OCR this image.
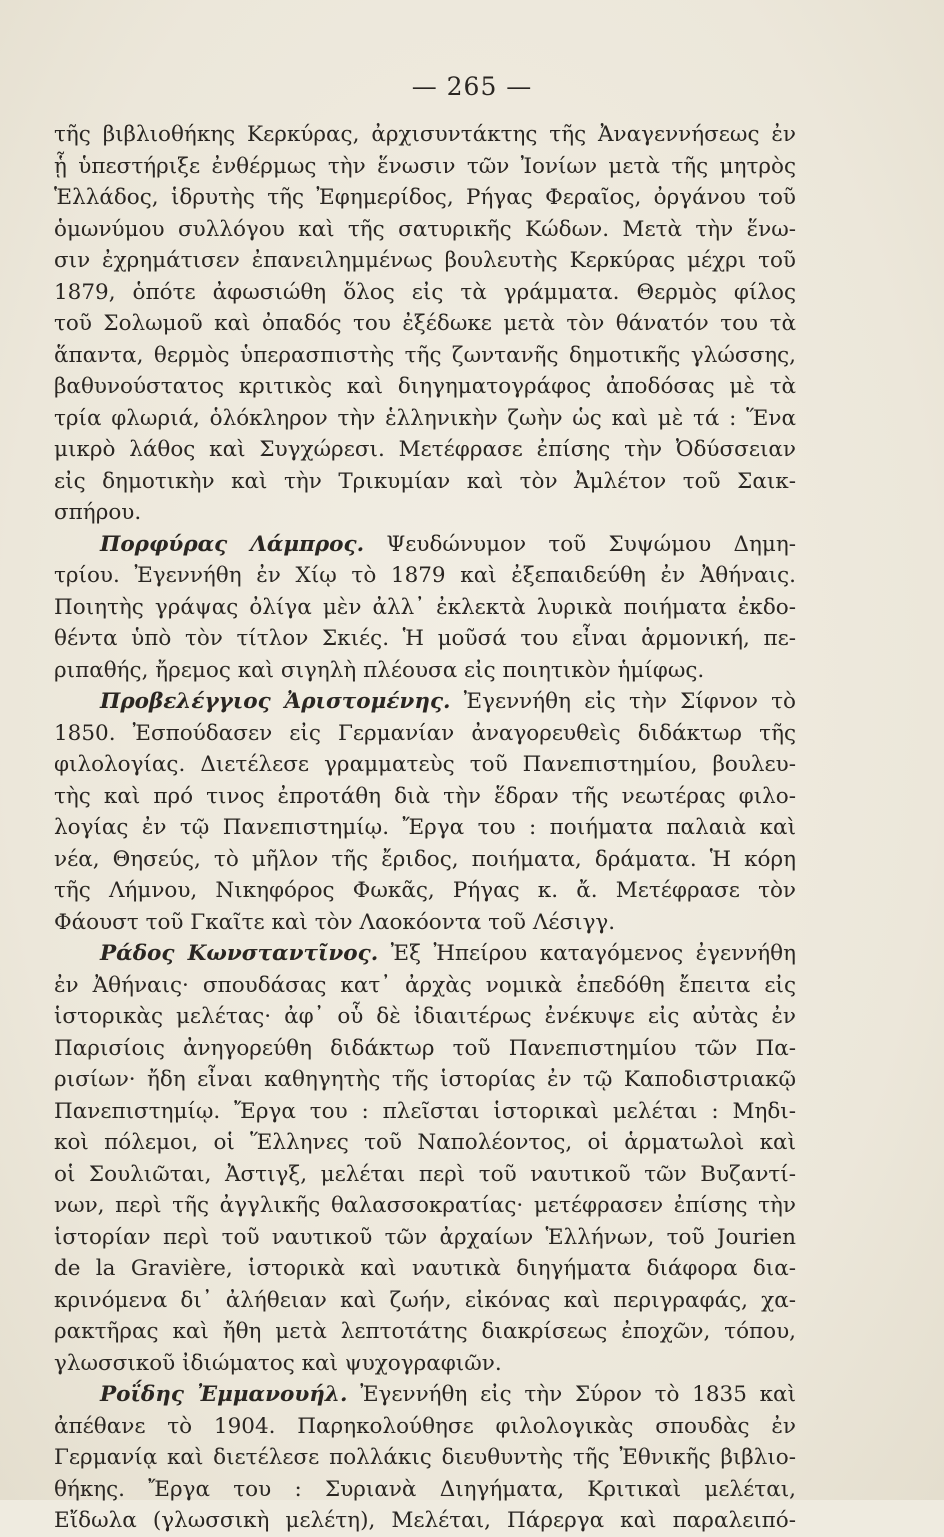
— 265 —
τῆς βιβλιοθήκης Κερκύρας, ἀρχισυντάκτης τῆς Ἀναγεννήσεως ἐν
ᾗ ὑπεστήριξε ἐνθέρμως τὴν ἕνωσιν τῶν Ἰονίων μετὰ τῆς μητρὸς
Ἑλλάδος, ἱδρυτὴς τῆς Ἐφημερίδος, Ρήγας Φεραῖος, ὀργάνου τοῦ
ὁμωνύμου συλλόγου καὶ τῆς σατυρικῆς Κώδων. Μετὰ τὴν ἕνω-
σιν ἐχρημάτισεν ἐπανειλημμένως βουλευτὴς Κερκύρας μέχρι τοῦ
1879, ὁπότε ἀφωσιώθη ὅλος εἰς τὰ γράμματα. Θερμὸς φίλος
τοῦ Σολωμοῦ καὶ ὀπαδός του ἐξέδωκε μετὰ τὸν θάνατόν του τὰ
ἅπαντα, θερμὸς ὑπερασπιστὴς τῆς ζωντανῆς δημοτικῆς γλώσσης,
βαθυνούστατος κριτικὸς καὶ διηγηματογράφος ἀποδόσας μὲ τὰ
τρία φλωριά, ὁλόκληρον τὴν ἑλληνικὴν ζωὴν ὡς καὶ μὲ τά : Ἕνα
μικρὸ λάθος καὶ Συγχώρεσι. Μετέφρασε ἐπίσης τὴν Ὀδύσσειαν
εἰς δημοτικὴν καὶ τὴν Τρικυμίαν καὶ τὸν Ἀμλέτον τοῦ Σαικ-
σπήρου.
Πορφύρας Λάμπρος. Ψευδώνυμον τοῦ Συψώμου Δημη-
τρίου. Ἐγεννήθη ἐν Χίῳ τὸ 1879 καὶ ἐξεπαιδεύθη ἐν Ἀθήναις.
Ποιητὴς γράψας ὀλίγα μὲν ἀλλ᾽ ἐκλεκτὰ λυρικὰ ποιήματα ἐκδο-
θέντα ὑπὸ τὸν τίτλον Σκιές. Ἡ μοῦσά του εἶναι ἁρμονική, πε-
ριπαθής, ἤρεμος καὶ σιγηλὴ πλέουσα εἰς ποιητικὸν ἡμίφως.
Προβελέγγιος Ἀριστομένης. Ἐγεννήθη εἰς τὴν Σίφνον τὸ
1850. Ἐσπούδασεν εἰς Γερμανίαν ἀναγορευθεὶς διδάκτωρ τῆς
φιλολογίας. Διετέλεσε γραμματεὺς τοῦ Πανεπιστημίου, βουλευ-
τὴς καὶ πρό τινος ἐπροτάθη διὰ τὴν ἕδραν τῆς νεωτέρας φιλο-
λογίας ἐν τῷ Πανεπιστημίῳ. Ἔργα του : ποιήματα παλαιὰ καὶ
νέα, Θησεύς, τὸ μῆλον τῆς ἔριδος, ποιήματα, δράματα. Ἡ κόρη
τῆς Λήμνου, Νικηφόρος Φωκᾶς, Ρήγας κ. ἄ. Μετέφρασε τὸν
Φάουστ τοῦ Γκαῖτε καὶ τὸν Λαοκόοντα τοῦ Λέσιγγ.
Ράδος Κωνσταντῖνος. Ἐξ Ἠπείρου καταγόμενος ἐγεννήθη
ἐν Ἀθήναις· σπουδάσας κατ᾽ ἀρχὰς νομικὰ ἐπεδόθη ἔπειτα εἰς
ἱστορικὰς μελέτας· ἀφ᾽ οὗ δὲ ἰδιαιτέρως ἐνέκυψε εἰς αὐτὰς ἐν
Παρισίοις ἀνηγορεύθη διδάκτωρ τοῦ Πανεπιστημίου τῶν Πα-
ρισίων· ἤδη εἶναι καθηγητὴς τῆς ἱστορίας ἐν τῷ Καποδιστριακῷ
Πανεπιστημίῳ. Ἔργα του : πλεῖσται ἱστορικαὶ μελέται : Μηδι-
κοὶ πόλεμοι, οἱ Ἕλληνες τοῦ Ναπολέοντος, οἱ ἁρματωλοὶ καὶ
οἱ Σουλιῶται, Ἀστιγξ, μελέται περὶ τοῦ ναυτικοῦ τῶν Βυζαντί-
νων, περὶ τῆς ἀγγλικῆς θαλασσοκρατίας· μετέφρασεν ἐπίσης τὴν
ἱστορίαν περὶ τοῦ ναυτικοῦ τῶν ἀρχαίων Ἑλλήνων, τοῦ Jourien
de la Gravière, ἱστορικὰ καὶ ναυτικὰ διηγήματα διάφορα δια-
κρινόμενα δι᾽ ἀλήθειαν καὶ ζωήν, εἰκόνας καὶ περιγραφάς, χα-
ρακτῆρας καὶ ἤθη μετὰ λεπτοτάτης διακρίσεως ἐποχῶν, τόπου,
γλωσσικοῦ ἰδιώματος καὶ ψυχογραφιῶν.
Ροΐδης Ἐμμανουήλ. Ἐγεννήθη εἰς τὴν Σύρον τὸ 1835 καὶ
ἀπέθανε τὸ 1904. Παρηκολούθησε φιλολογικὰς σπουδὰς ἐν
Γερμανίᾳ καὶ διετέλεσε πολλάκις διευθυντὴς τῆς Ἐθνικῆς βιβλιο-
θήκης. Ἔργα του : Συριανὰ Διηγήματα, Κριτικαὶ μελέται,
Εἴδωλα (γλωσσικὴ μελέτη), Μελέται, Πάρεργα καὶ παραλειπό-
